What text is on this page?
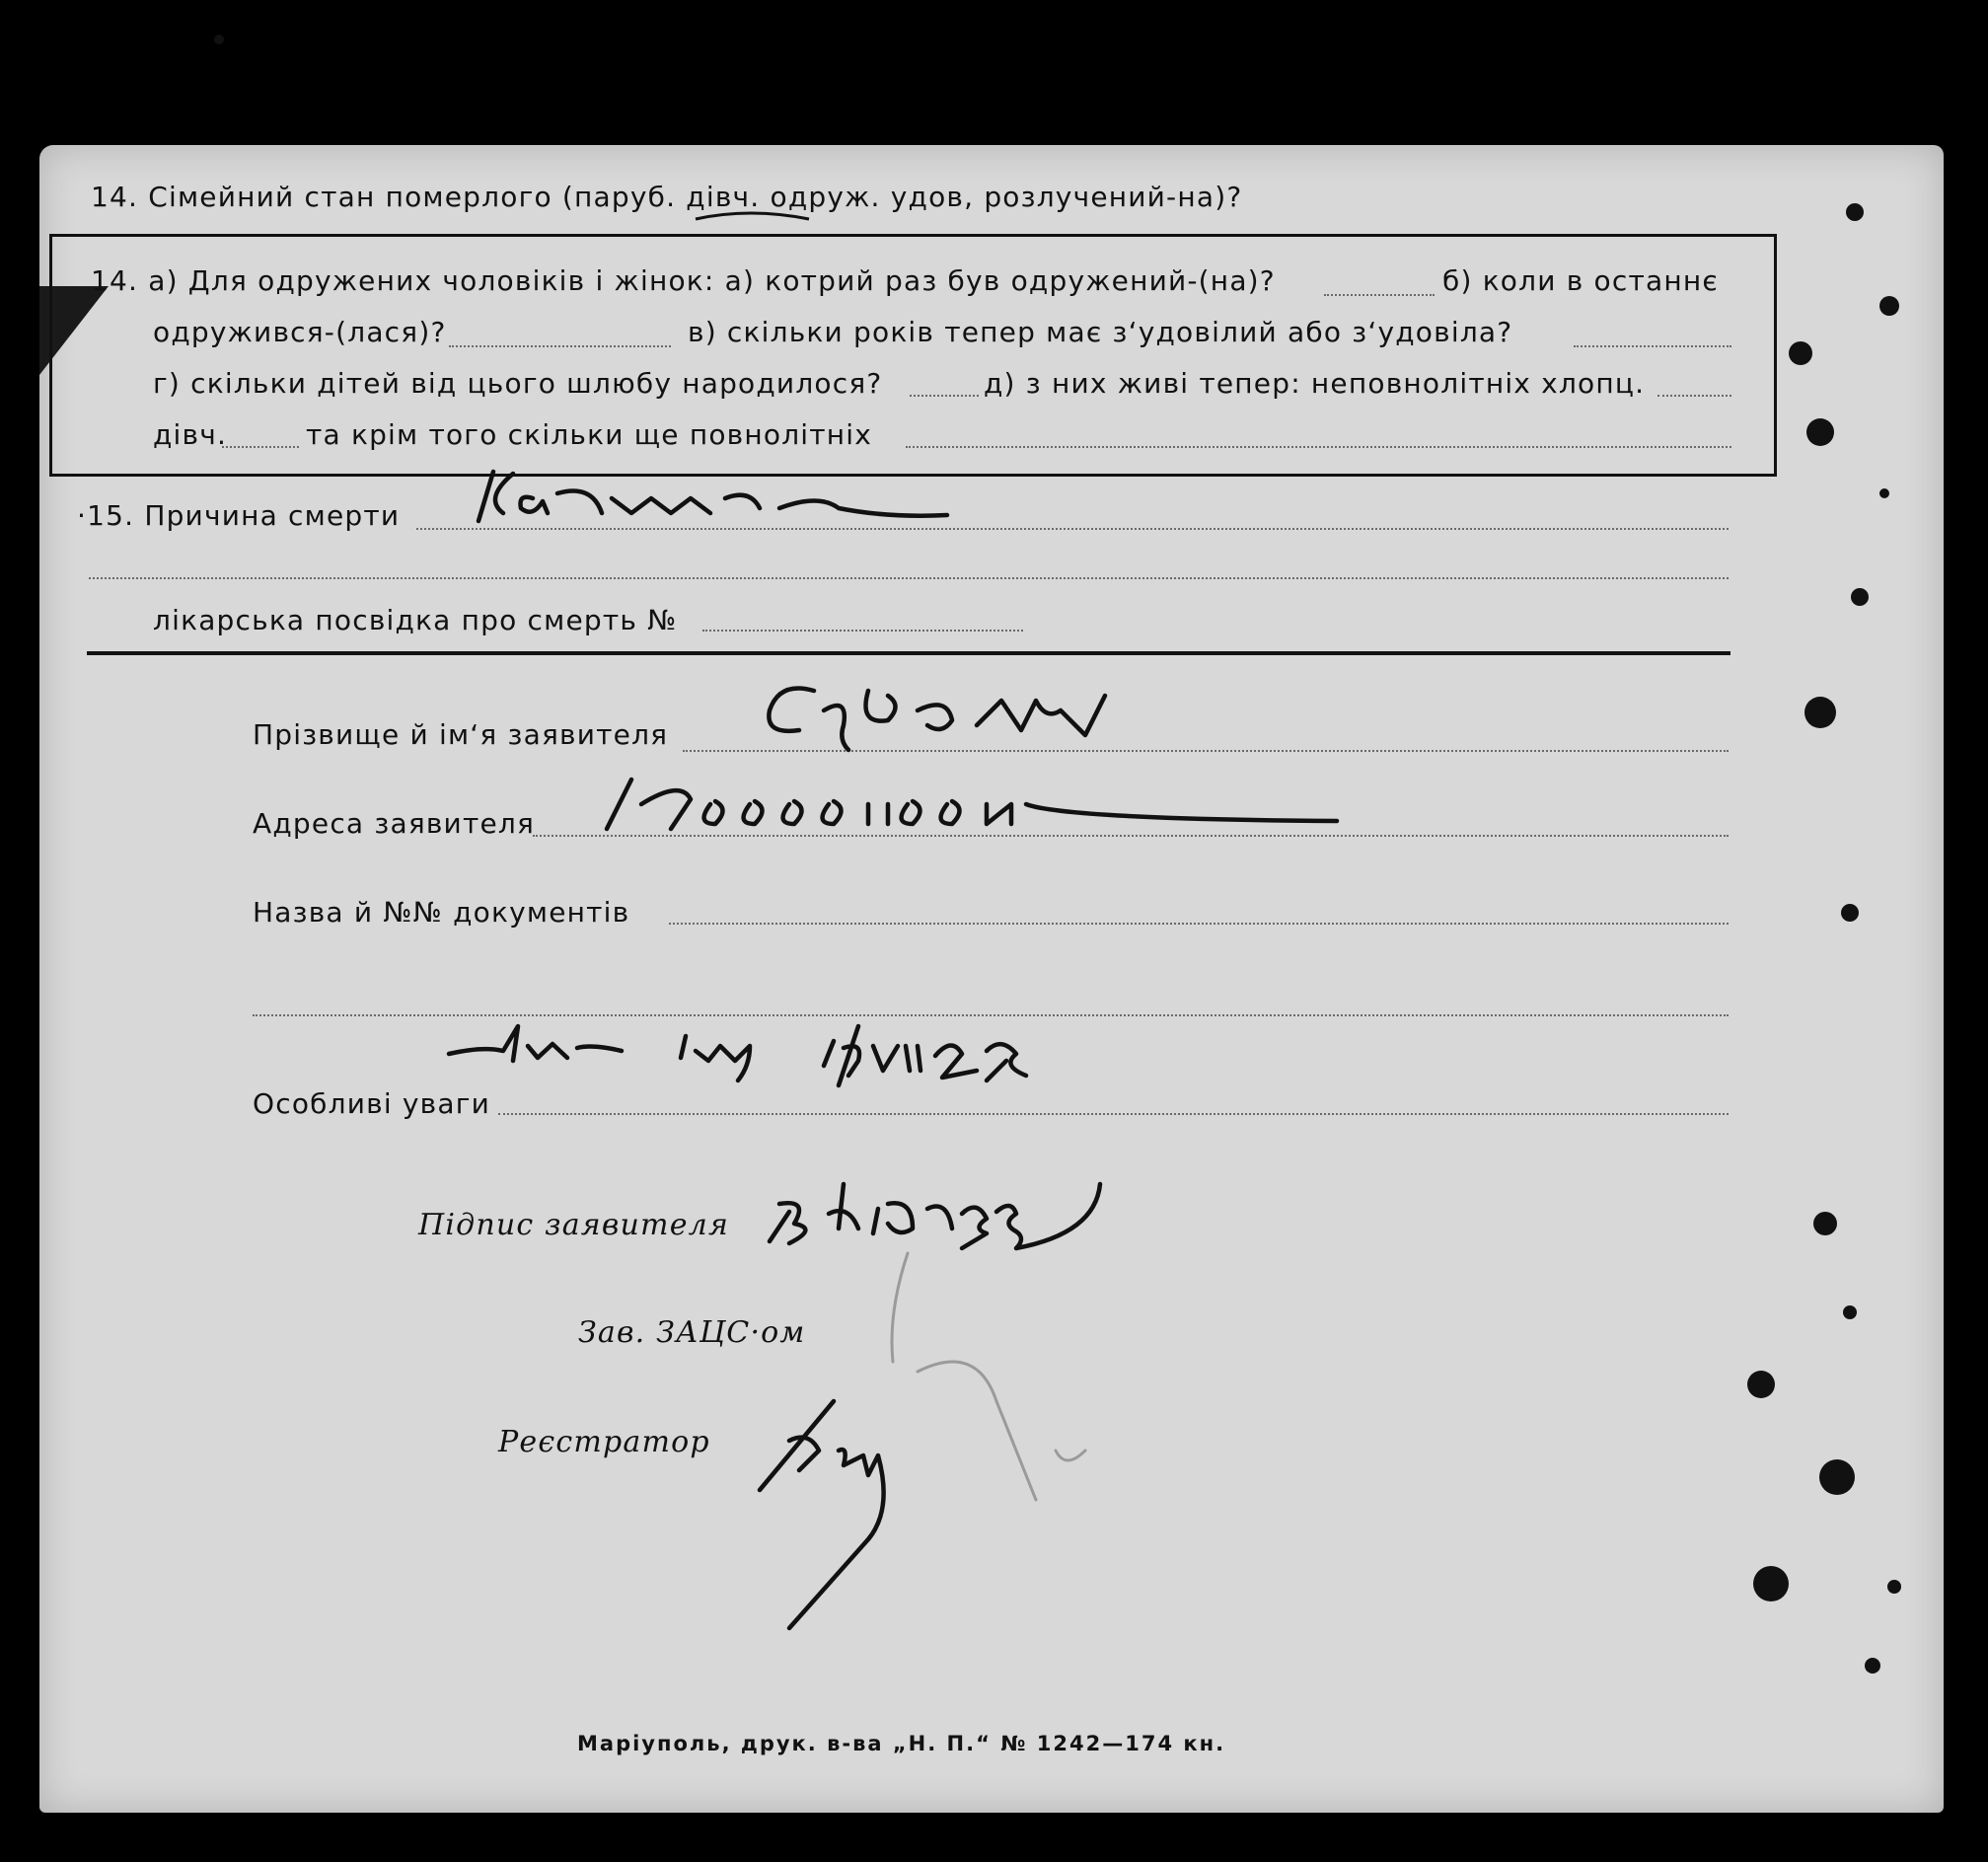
14. Сімейний стан померлого (паруб. дівч. одруж. удов, розлучений-на)?
14. а) Для одружених чоловіків і жінок: а) котрий раз був одружений-(на)?	б) коли в останнє
одружився-(лася)?	в) скільки років тепер має з‘удовілий або з‘удовіла?
г) скільки дітей від цього шлюбу народилося?	д) з них живі тепер: неповнолітніх хлопц.
дівч.	та крім того скільки ще повнолітніх
·15. Причина смерти
лікарська посвідка про смерть №
Прізвище й ім‘я заявителя
Адреса заявителя
Назва й №№ документів
Особливі уваги
Підпис заявителя
Зав. ЗАЦС·ом
Реєстратор
Маріуполь, друк. в-ва „Н. П.“ № 1242—174 кн.
